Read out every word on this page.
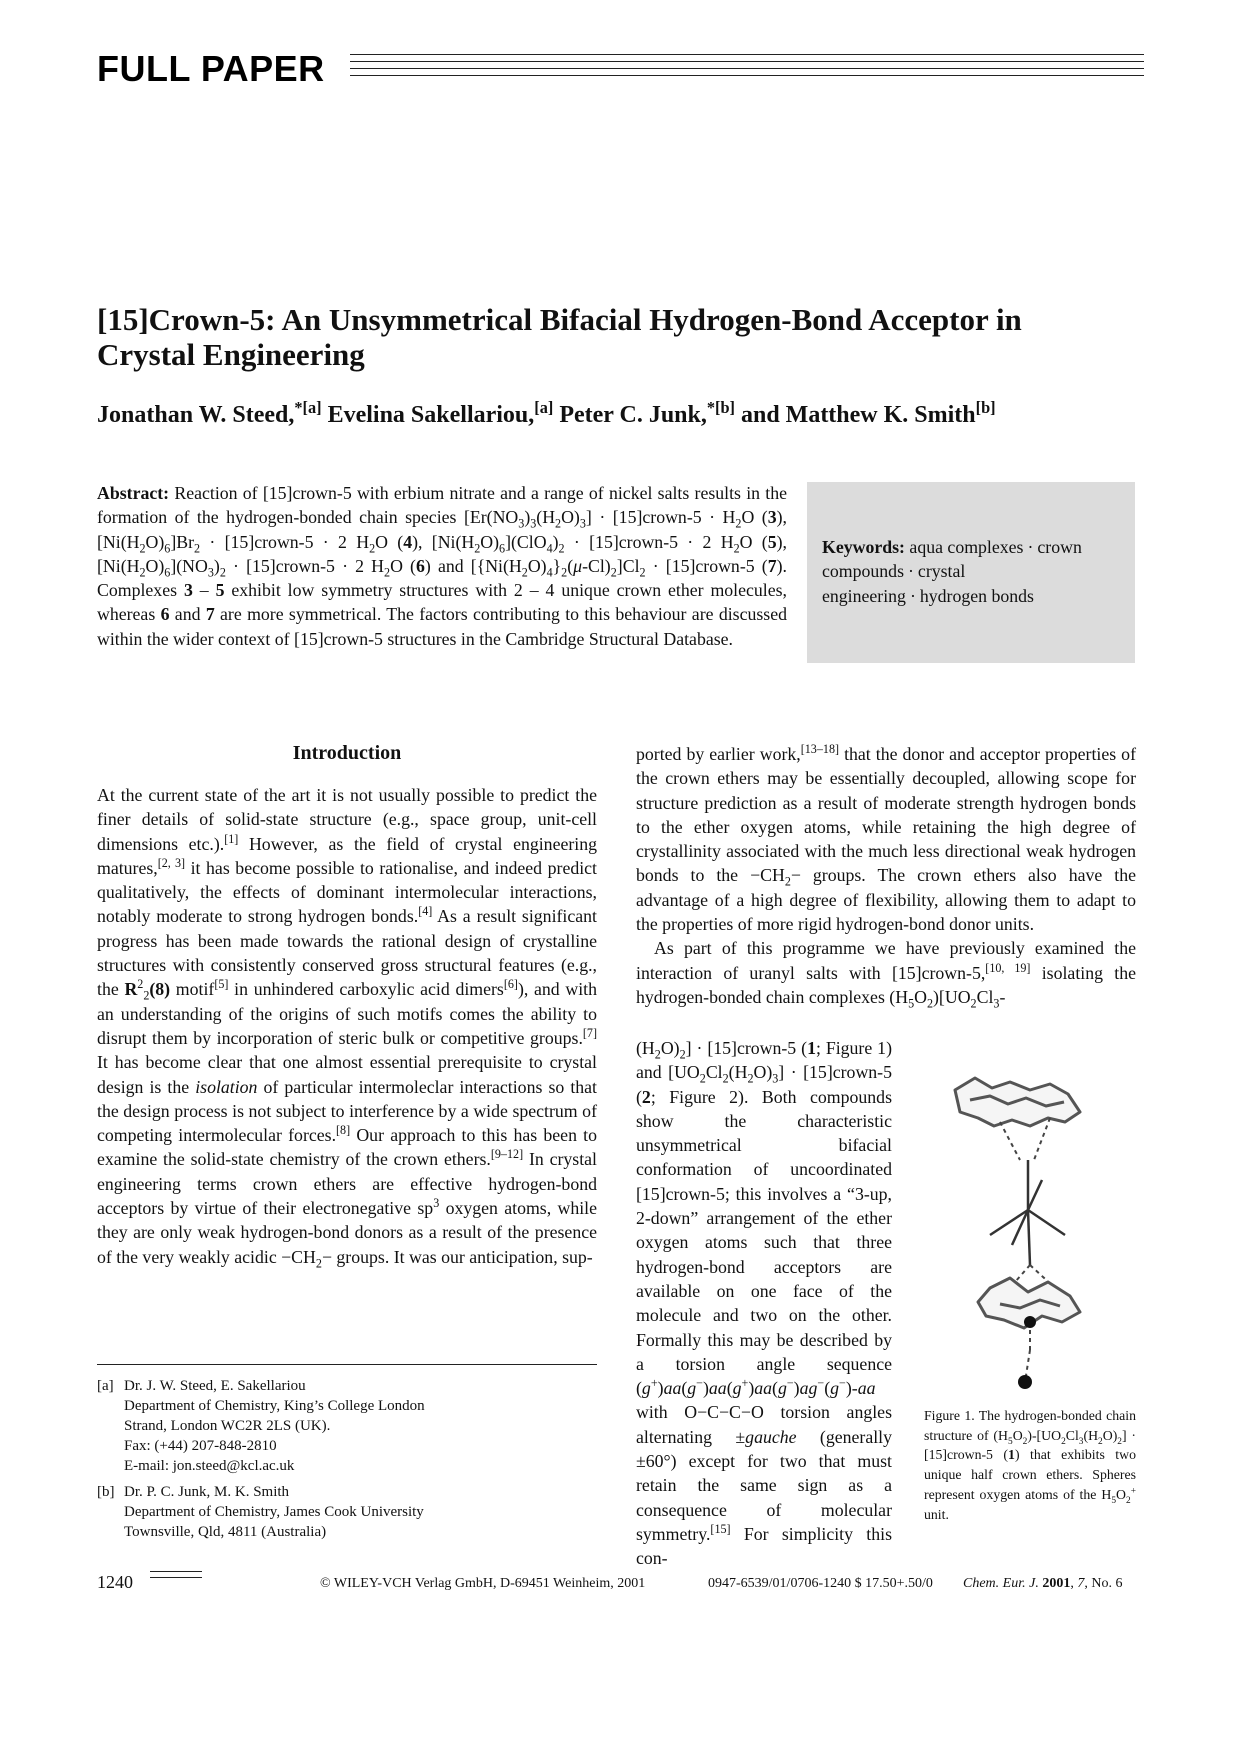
FULL PAPER
[15]Crown-5: An Unsymmetrical Bifacial Hydrogen-Bond Acceptor in
Crystal Engineering
Jonathan W. Steed,$^{*[a]}$ Evelina Sakellariou,[a] Peter C. Junk,$^{*[b]}$ and Matthew K. Smith[b]
Abstract: Reaction of [15]crown-5 with erbium nitrate and a range of nickel salts results in the formation of the hydrogen-bonded chain species $[Er(NO_3)_3(H_2O)_3]$ · [15]crown-5 · $H_2O$ (3), $[Ni(H_2O)_6]Br_2$ · [15]crown-5 · 2 $H_2O$ (4), $[Ni(H_2O)_6](ClO_4)_2$ · [15]crown-5 · 2 $H_2O$ (5), $[Ni(H_2O)_6](NO_3)_2$ · [15]crown-5 · 2 $H_2O$ (6) and $[\{Ni(H_2O)_4\}_2(\mu-Cl)_2]Cl_2$ · [15]crown-5 (7). Complexes 3 – 5 exhibit low symmetry structures with 2 – 4 unique crown ether molecules, whereas 6 and 7 are more symmetrical. The factors contributing to this behaviour are discussed within the wider context of [15]crown-5 structures in the Cambridge Structural Database.
Keywords: aqua complexes · crown compounds · crystal engineering · hydrogen bonds
Introduction

At the current state of the art it is not usually possible to predict the finer details of solid-state structure (e.g., space group, unit-cell dimensions etc.).[1] However, as the field of crystal engineering matures,[2, 3] it has become possible to rationalise, and indeed predict qualitatively, the effects of dominant intermolecular interactions, notably moderate to strong hydrogen bonds.[4] As a result significant progress has been made towards the rational design of crystalline structures with consistently conserved gross structural features (e.g., the $R^2_2(8)$ motif[5] in unhindered carboxylic acid dimers[6]), and with an understanding of the origins of such motifs comes the ability to disrupt them by incorporation of steric bulk or competitive groups.[7] It has become clear that one almost essential prerequisite to crystal design is the isolation of particular intermoleclar interactions so that the design process is not subject to interference by a wide spectrum of competing intermolecular forces.[8] Our approach to this has been to examine the solid-state chemistry of the crown ethers.[9–12] In crystal engineering terms crown ethers are effective hydrogen-bond acceptors by virtue of their electronegative $sp^3$ oxygen atoms, while they are only weak hydrogen-bond donors as a result of the presence of the very weakly acidic $-CH_2-$ groups. It was our anticipation, sup-

ported by earlier work,[13–18] that the donor and acceptor properties of the crown ethers may be essentially decoupled, allowing scope for structure prediction as a result of moderate strength hydrogen bonds to the ether oxygen atoms, while retaining the high degree of crystallinity associated with the much less directional weak hydrogen bonds to the $-CH_2-$ groups. The crown ethers also have the advantage of a high degree of flexibility, allowing them to adapt to the properties of more rigid hydrogen-bond donor units.

As part of this programme we have previously examined the interaction of uranyl salts with [15]crown-5,[10, 19] isolating the hydrogen-bonded chain complexes $(H_5O_2)[UO_2Cl_3-$

$(H_2O)_2$] · [15]crown-5 (1; Figure 1) and $[UO_2Cl_2(H_2O)_3]$ · [15]crown-5 (2; Figure 2). Both compounds show the characteristic unsymmetrical bifacial conformation of uncoordinated [15]crown-5; this involves a “3-up, 2-down” arrangement of the ether oxygen atoms such that three hydrogen-bond acceptors are available on one face of the molecule and two on the other. Formally this may be described by a torsion angle sequence (g+)aa(g−)aa(g+)aa(g−)ag−(g−)-aa with O−C−C−O torsion angles alternating ±gauche (generally ±60°) except for two that must retain the same sign as a consequence of molecular symmetry.[15] For simplicity this con-

[a] Dr. J. W. Steed, E. Sakellariou
Department of Chemistry, King’s College London
Strand, London WC2R 2LS (UK).
Fax: (+44) 207-848-2810
E-mail: jon.steed@kcl.ac.uk
[b] Dr. P. C. Junk, M. K. Smith
Department of Chemistry, James Cook University
Townsville, Qld, 4811 (Australia)
Figure 1. The hydrogen-bonded chain structure of $(H_5O_2)-[UO_2Cl_3(H_2O)_2]$ · [15]crown-5 (1) that exhibits two unique half crown ethers. Spheres represent oxygen atoms of the $H_5O_2^+$ unit.
1240	© WILEY-VCH Verlag GmbH, D-69451 Weinheim, 2001	0947-6539/01/0706-1240 $ 17.50+.50/0 Chem. Eur. J. 2001, 7, No. 6
